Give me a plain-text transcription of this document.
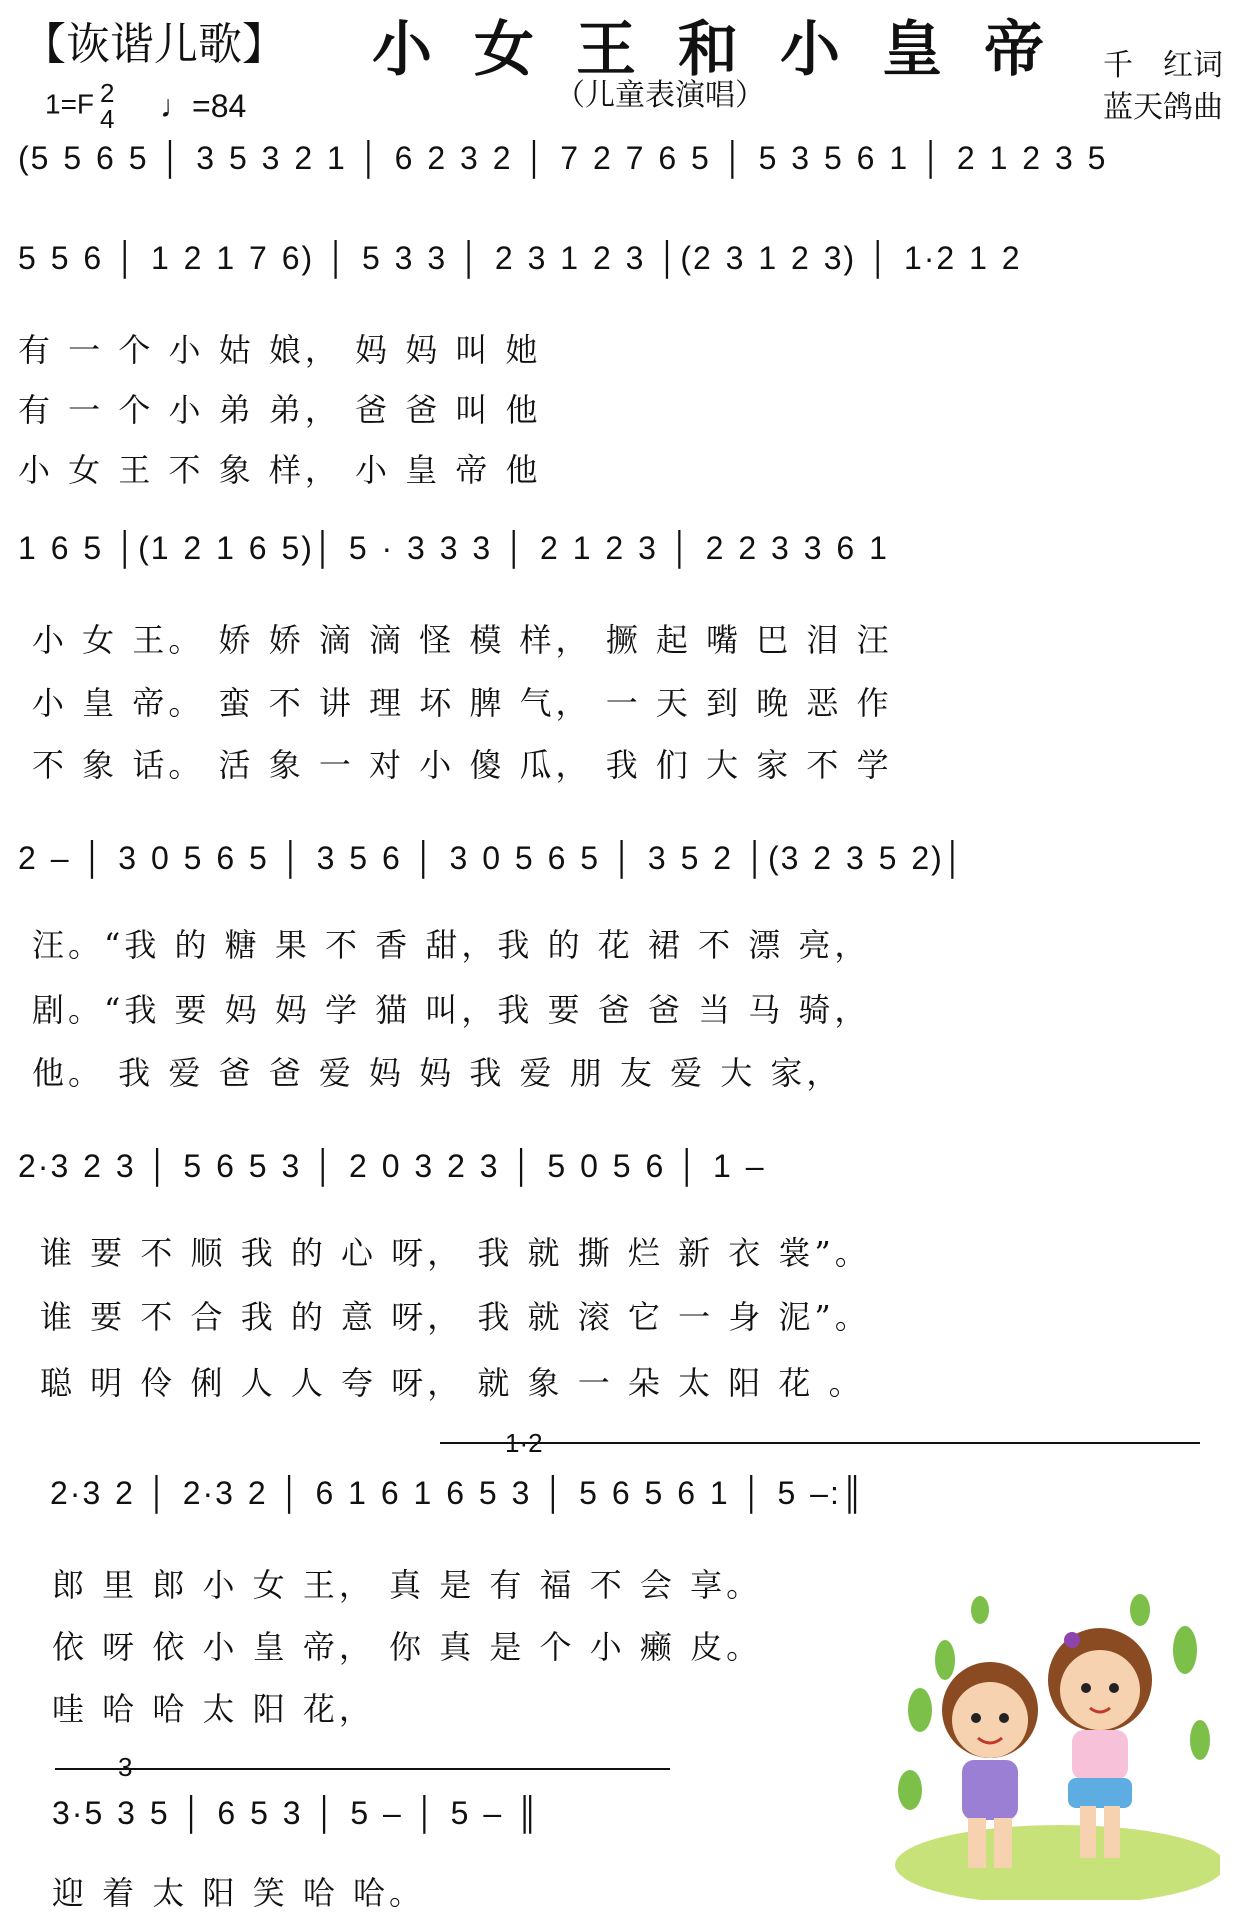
【诙谐儿歌】 小女王和小皇帝
（儿童表演唱）
千　红词
蓝天鸽曲
1=F 2
4 ♩=84
(5 5 6 5 │ 3 5 3 2 1 │ 6 2 3 2 │ 7 2 7 6 5 │ 5 3 5 6 1 │ 2 1 2 3 5
5 5 6 │ 1 2 1 7 6) │ 5 3 3 │ 2 3 1 2 3 │(2 3 1 2 3) │ 1·2 1 2
有 一 个 小 姑 娘， 妈 妈 叫 她
有 一 个 小 弟 弟， 爸 爸 叫 他
小 女 王 不 象 样， 小 皇 帝 他
1 6 5 │(1 2 1 6 5)│ 5 · 3 3 3 │ 2 1 2 3 │ 2 2 3 3 6 1
小 女 王。 娇 娇 滴 滴 怪 模 样， 撅 起 嘴 巴 泪 汪
小 皇 帝。 蛮 不 讲 理 坏 脾 气， 一 天 到 晚 恶 作
不 象 话。 活 象 一 对 小 傻 瓜， 我 们 大 家 不 学
2 – │ 3 0 5 6 5 │ 3 5 6 │ 3 0 5 6 5 │ 3 5 2 │(3 2 3 5 2)│
汪。“我 的 糖 果 不 香 甜，我 的 花 裙 不 漂 亮，
剧。“我 要 妈 妈 学 猫 叫，我 要 爸 爸 当 马 骑，
他。 我 爱 爸 爸 爱 妈 妈 我 爱 朋 友 爱 大 家，
2·3 2 3 │ 5 6 5 3 │ 2 0 3 2 3 │ 5 0 5 6 │ 1 –
谁 要 不 顺 我 的 心 呀， 我 就 撕 烂 新 衣 裳”。
谁 要 不 合 我 的 意 呀， 我 就 滚 它 一 身 泥”。
聪 明 伶 俐 人 人 夸 呀， 就 象 一 朵 太 阳 花 。
1·2
2·3 2 │ 2·3 2 │ 6 1 6 1 6 5 3 │ 5 6 5 6 1 │ 5 –:║
郎 里 郎 小 女 王， 真 是 有 福 不 会 享。
依 呀 依 小 皇 帝， 你 真 是 个 小 癞 皮。
哇 哈 哈 太 阳 花，
3
3·5 3 5 │ 6 5 3 │ 5 – │ 5 – ║
迎 着 太 阳 笑 哈 哈。
